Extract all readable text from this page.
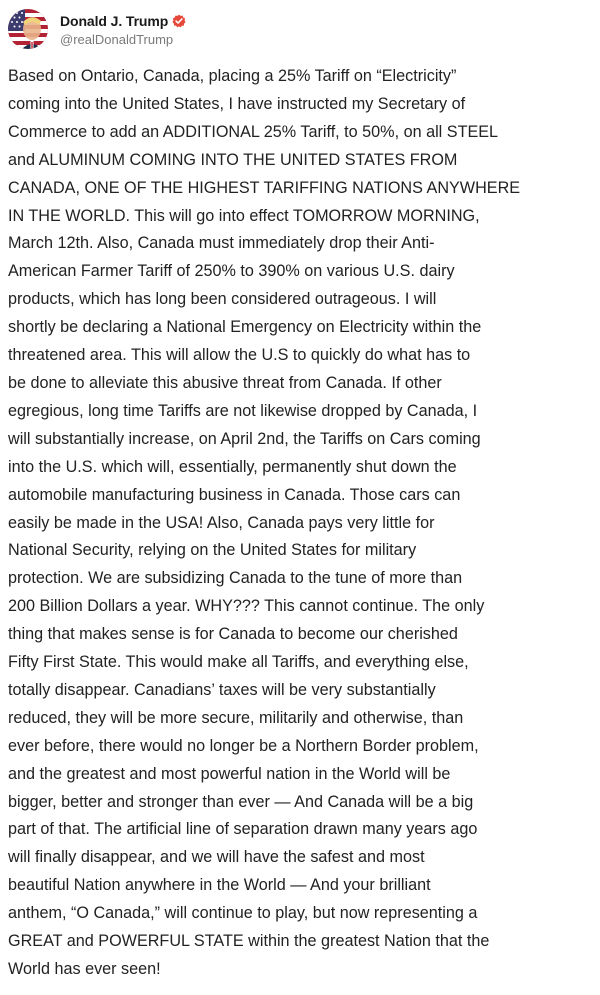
Donald J. Trump
@realDonaldTrump

Based on Ontario, Canada, placing a 25% Tariff on “Electricity”
coming into the United States, I have instructed my Secretary of
Commerce to add an ADDITIONAL 25% Tariff, to 50%, on all STEEL
and ALUMINUM COMING INTO THE UNITED STATES FROM
CANADA, ONE OF THE HIGHEST TARIFFING NATIONS ANYWHERE
IN THE WORLD. This will go into effect TOMORROW MORNING,
March 12th. Also, Canada must immediately drop their Anti-
American Farmer Tariff of 250% to 390% on various U.S. dairy
products, which has long been considered outrageous. I will
shortly be declaring a National Emergency on Electricity within the
threatened area. This will allow the U.S to quickly do what has to
be done to alleviate this abusive threat from Canada. If other
egregious, long time Tariffs are not likewise dropped by Canada, I
will substantially increase, on April 2nd, the Tariffs on Cars coming
into the U.S. which will, essentially, permanently shut down the
automobile manufacturing business in Canada. Those cars can
easily be made in the USA! Also, Canada pays very little for
National Security, relying on the United States for military
protection. We are subsidizing Canada to the tune of more than
200 Billion Dollars a year. WHY??? This cannot continue. The only
thing that makes sense is for Canada to become our cherished
Fifty First State. This would make all Tariffs, and everything else,
totally disappear. Canadians’ taxes will be very substantially
reduced, they will be more secure, militarily and otherwise, than
ever before, there would no longer be a Northern Border problem,
and the greatest and most powerful nation in the World will be
bigger, better and stronger than ever — And Canada will be a big
part of that. The artificial line of separation drawn many years ago
will finally disappear, and we will have the safest and most
beautiful Nation anywhere in the World — And your brilliant
anthem, “O Canada,” will continue to play, but now representing a
GREAT and POWERFUL STATE within the greatest Nation that the
World has ever seen!
